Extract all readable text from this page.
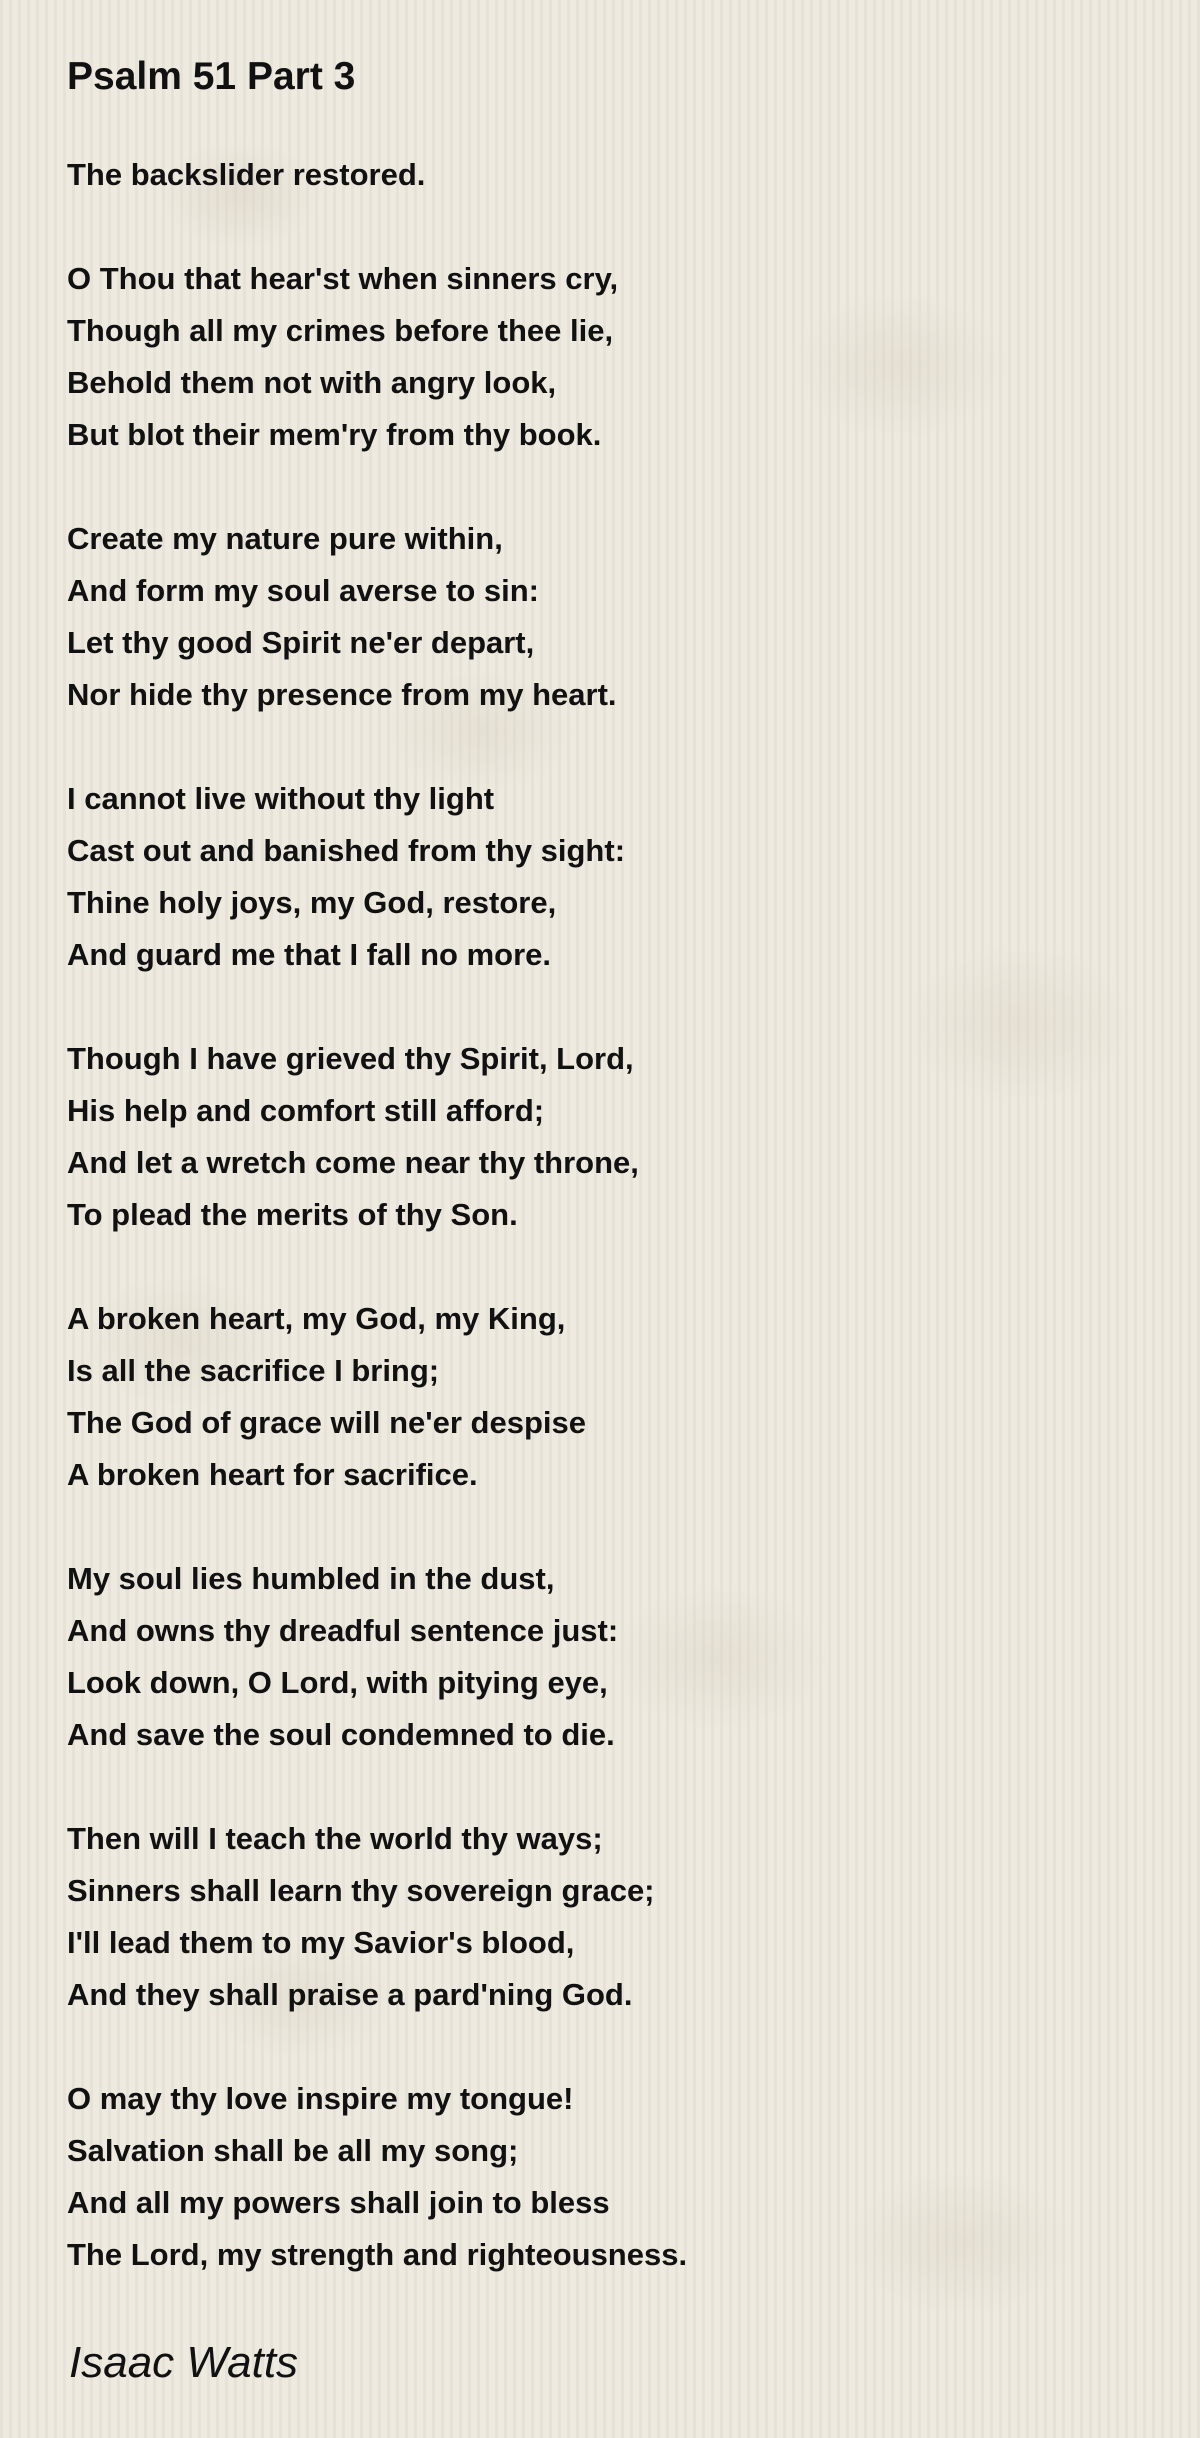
Psalm 51 Part 3
The backslider restored.
O Thou that hear'st when sinners cry,
Though all my crimes before thee lie,
Behold them not with angry look,
But blot their mem'ry from thy book.
Create my nature pure within,
And form my soul averse to sin:
Let thy good Spirit ne'er depart,
Nor hide thy presence from my heart.
I cannot live without thy light
Cast out and banished from thy sight:
Thine holy joys, my God, restore,
And guard me that I fall no more.
Though I have grieved thy Spirit, Lord,
His help and comfort still afford;
And let a wretch come near thy throne,
To plead the merits of thy Son.
A broken heart, my God, my King,
Is all the sacrifice I bring;
The God of grace will ne'er despise
A broken heart for sacrifice.
My soul lies humbled in the dust,
And owns thy dreadful sentence just:
Look down, O Lord, with pitying eye,
And save the soul condemned to die.
Then will I teach the world thy ways;
Sinners shall learn thy sovereign grace;
I'll lead them to my Savior's blood,
And they shall praise a pard'ning God.
O may thy love inspire my tongue!
Salvation shall be all my song;
And all my powers shall join to bless
The Lord, my strength and righteousness.

Isaac Watts
